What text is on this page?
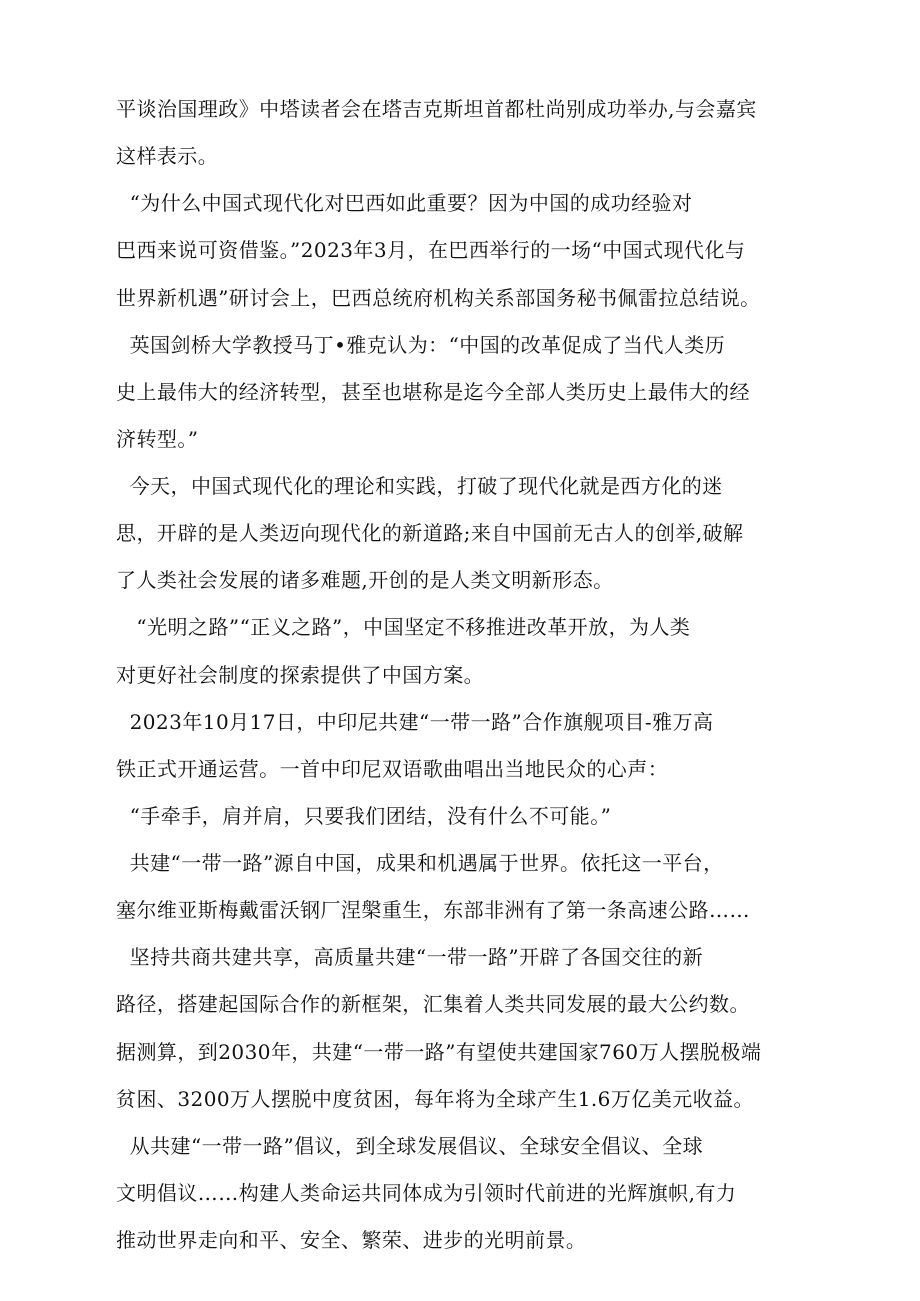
平谈治国理政》中塔读者会在塔吉克斯坦首都杜尚别成功举办,与会嘉宾
这样表示。
“为什么中国式现代化对巴西如此重要？因为中国的成功经验对
巴西来说可资借鉴。”2023年3月，在巴西举行的一场“中国式现代化与
世界新机遇”研讨会上，巴西总统府机构关系部国务秘书佩雷拉总结说。
英国剑桥大学教授马丁•雅克认为：“中国的改革促成了当代人类历
史上最伟大的经济转型，甚至也堪称是迄今全部人类历史上最伟大的经
济转型。”
今天，中国式现代化的理论和实践，打破了现代化就是西方化的迷
思，开辟的是人类迈向现代化的新道路;来自中国前无古人的创举,破解
了人类社会发展的诸多难题,开创的是人类文明新形态。
“光明之路”“正义之路”，中国坚定不移推进改革开放，为人类
对更好社会制度的探索提供了中国方案。
2023年10月17日，中印尼共建“一带一路”合作旗舰项目-雅万高
铁正式开通运营。一首中印尼双语歌曲唱出当地民众的心声：
“手牵手，肩并肩，只要我们团结，没有什么不可能。”
共建“一带一路”源自中国，成果和机遇属于世界。依托这一平台，
塞尔维亚斯梅戴雷沃钢厂涅槃重生，东部非洲有了第一条高速公路……
坚持共商共建共享，高质量共建“一带一路”开辟了各国交往的新
路径，搭建起国际合作的新框架，汇集着人类共同发展的最大公约数。
据测算，到2030年，共建“一带一路”有望使共建国家760万人摆脱极端
贫困、3200万人摆脱中度贫困，每年将为全球产生1.6万亿美元收益。
从共建“一带一路”倡议，到全球发展倡议、全球安全倡议、全球
文明倡议……构建人类命运共同体成为引领时代前进的光辉旗帜,有力
推动世界走向和平、安全、繁荣、进步的光明前景。
